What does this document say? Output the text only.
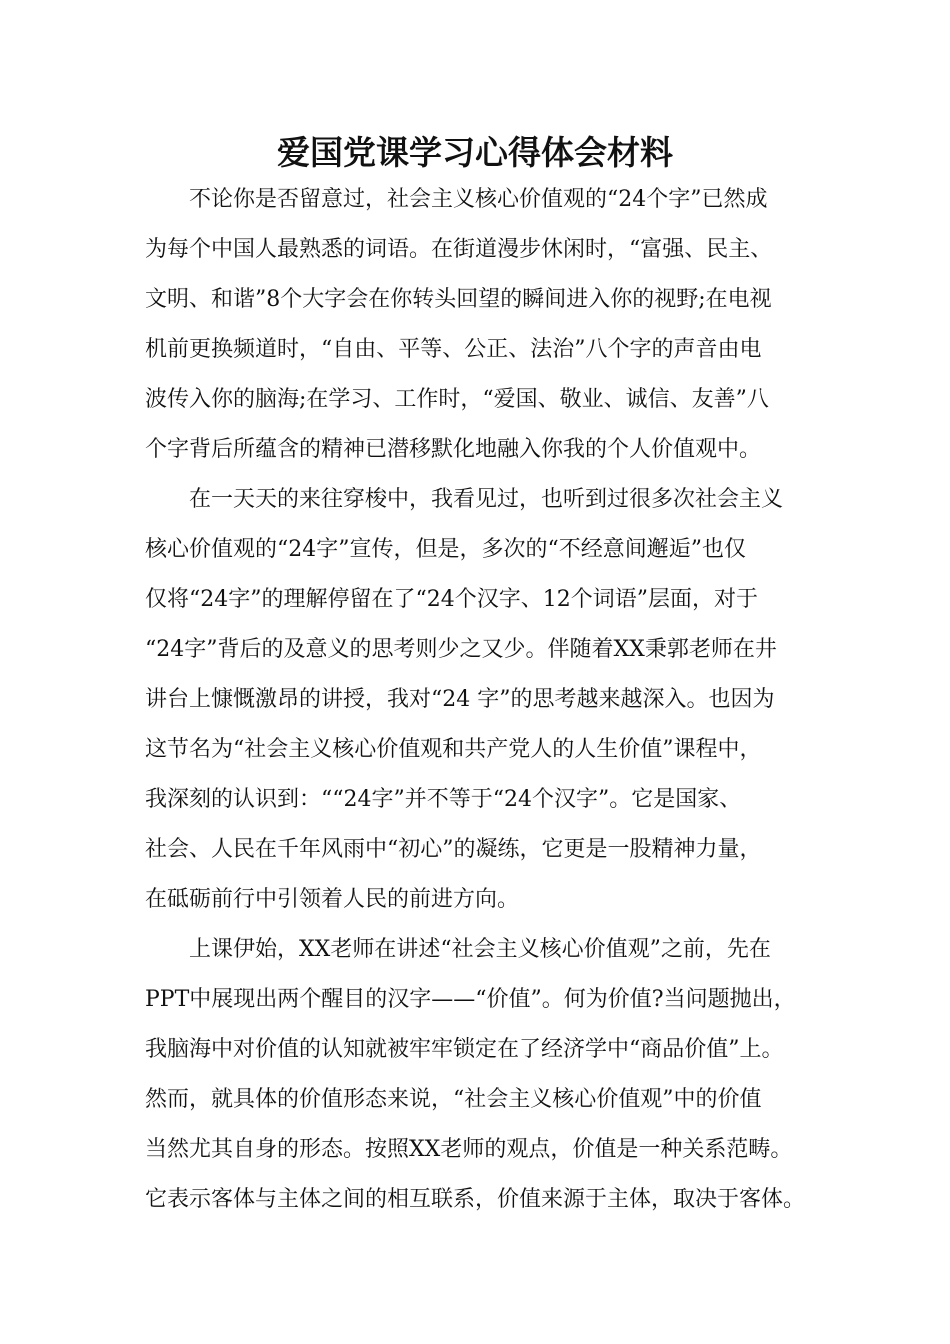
爱国党课学习心得体会材料
不论你是否留意过，社会主义核心价值观的“24个字”已然成
为每个中国人最熟悉的词语。在街道漫步休闲时，“富强、民主、
文明、和谐”8个大字会在你转头回望的瞬间进入你的视野;在电视
机前更换频道时，“自由、平等、公正、法治”八个字的声音由电
波传入你的脑海;在学习、工作时，“爱国、敬业、诚信、友善”八
个字背后所蕴含的精神已潜移默化地融入你我的个人价值观中。
在一天天的来往穿梭中，我看见过，也听到过很多次社会主义
核心价值观的“24字”宣传，但是，多次的“不经意间邂逅”也仅
仅将“24字”的理解停留在了“24个汉字、12个词语”层面，对于
“24字”背后的及意义的思考则少之又少。伴随着XX秉郭老师在井
讲台上慷慨激昂的讲授，我对“24 字”的思考越来越深入。也因为
这节名为“社会主义核心价值观和共产党人的人生价值”课程中，
我深刻的认识到：““24字”并不等于“24个汉字”。它是国家、
社会、人民在千年风雨中“初心”的凝练，它更是一股精神力量，
在砥砺前行中引领着人民的前进方向。
上课伊始，XX老师在讲述“社会主义核心价值观”之前，先在
PPT中展现出两个醒目的汉字——“价值”。何为价值?当问题抛出，
我脑海中对价值的认知就被牢牢锁定在了经济学中“商品价值”上。
然而，就具体的价值形态来说，“社会主义核心价值观”中的价值
当然尤其自身的形态。按照XX老师的观点，价值是一种关系范畴。
它表示客体与主体之间的相互联系，价值来源于主体，取决于客体。
